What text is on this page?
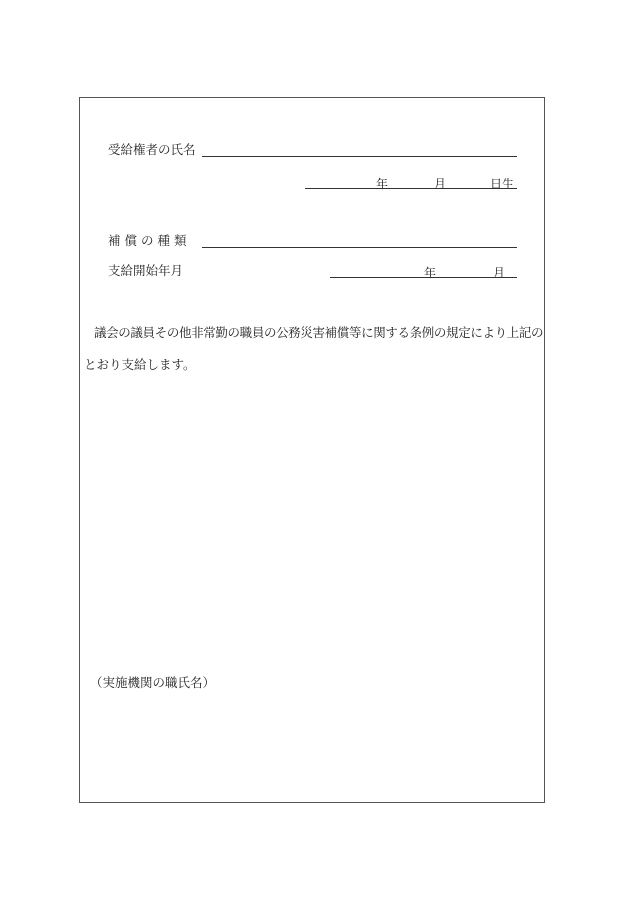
受給権者の氏名
年	月	日生
補償の種類
支給開始年月	年	月
議会の議員その他非常勤の職員の公務災害補償等に関する条例の規定により上記の
とおり支給します。
（実施機関の職氏名）
